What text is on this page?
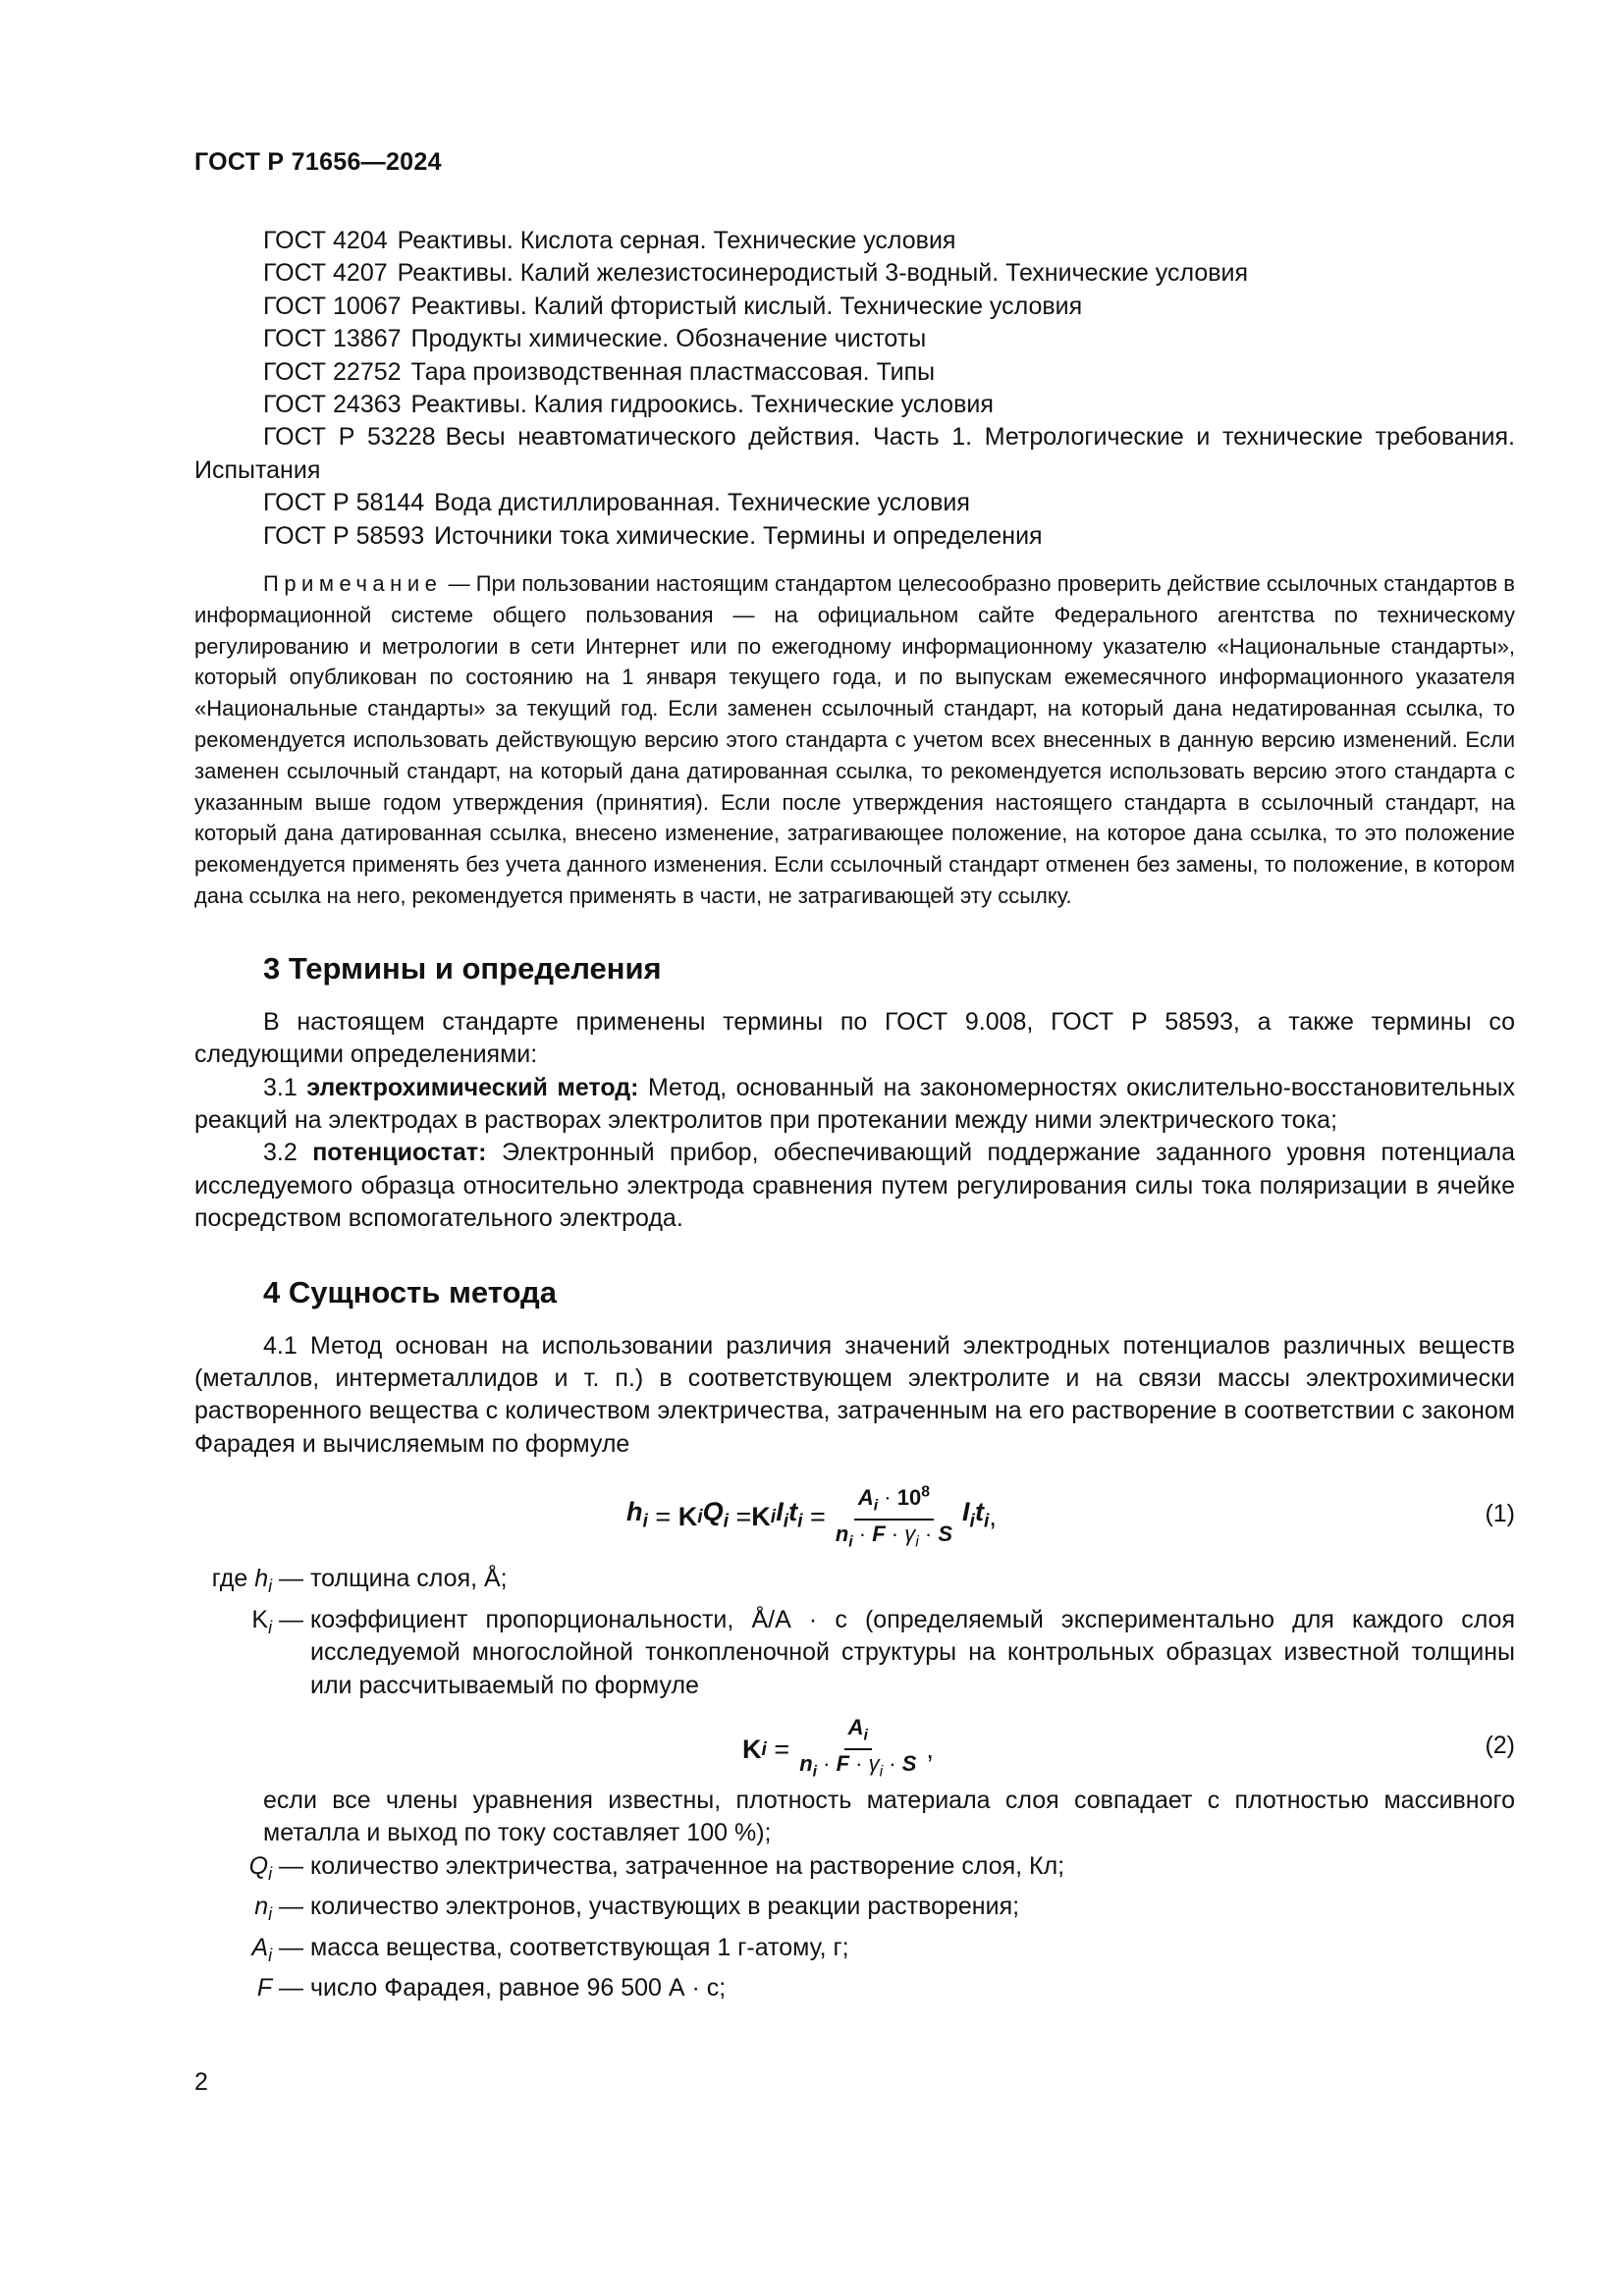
ГОСТ Р 71656—2024

ГОСТ 4204 Реактивы. Кислота серная. Технические условия

ГОСТ 4207 Реактивы. Калий железистосинеродистый 3-водный. Технические условия

ГОСТ 10067 Реактивы. Калий фтористый кислый. Технические условия

ГОСТ 13867 Продукты химические. Обозначение чистоты

ГОСТ 22752 Тара производственная пластмассовая. Типы

ГОСТ 24363 Реактивы. Калия гидроокись. Технические условия

ГОСТ Р 53228 Весы неавтоматического действия. Часть 1. Метрологические и технические требования. Испытания

ГОСТ Р 58144 Вода дистиллированная. Технические условия

ГОСТ Р 58593 Источники тока химические. Термины и определения

Примечание — При пользовании настоящим стандартом целесообразно проверить действие ссылочных стандартов в информационной системе общего пользования — на официальном сайте Федерального агентства по техническому регулированию и метрологии в сети Интернет или по ежегодному информационному указателю «Национальные стандарты», который опубликован по состоянию на 1 января текущего года, и по выпускам ежемесячного информационного указателя «Национальные стандарты» за текущий год. Если заменен ссылочный стандарт, на который дана недатированная ссылка, то рекомендуется использовать действующую версию этого стандарта с учетом всех внесенных в данную версию изменений. Если заменен ссылочный стандарт, на который дана датированная ссылка, то рекомендуется использовать версию этого стандарта с указанным выше годом утверждения (принятия). Если после утверждения настоящего стандарта в ссылочный стандарт, на который дана датированная ссылка, внесено изменение, затрагивающее положение, на которое дана ссылка, то это положение рекомендуется применять без учета данного изменения. Если ссылочный стандарт отменен без замены, то положение, в котором дана ссылка на него, рекомендуется применять в части, не затрагивающей эту ссылку.

3 Термины и определения

В настоящем стандарте применены термины по ГОСТ 9.008, ГОСТ Р 58593, а также термины со следующими определениями:

3.1 электрохимический метод: Метод, основанный на закономерностях окислительно-восстановительных реакций на электродах в растворах электролитов при протекании между ними электрического тока;

3.2 потенциостат: Электронный прибор, обеспечивающий поддержание заданного уровня потенциала исследуемого образца относительно электрода сравнения путем регулирования силы тока поляризации в ячейке посредством вспомогательного электрода.

4 Сущность метода

4.1 Метод основан на использовании различия значений электродных потенциалов различных веществ (металлов, интерметаллидов и т. п.) в соответствующем электролите и на связи массы электрохимически растворенного вещества с количеством электричества, затраченным на его растворение в соответствии с законом Фарадея и вычисляемым по формуле

$h_i = K$ i $Q_i = K$ i $I_it_i = \frac{A_i \cdot 10^8}{n_i \cdot F \cdot \gamma_i \cdot S} I_it_i$ ,	(1)
где $h_i$ — толщина слоя, Å;
$K_i$ — коэффициент пропорциональности, Å/А · с (определяемый экспериментально для каждого слоя исследуемой многослойной тонкопленочной структуры на контрольных образцах известной толщины или рассчитываемый по формуле
K $i = \frac{A_i}{n_i \cdot F \cdot \gamma_i \cdot S}$ ,	(2)

если все члены уравнения известны, плотность материала слоя совпадает с плотностью массивного металла и выход по току составляет 100 %);

$Q_i$ — количество электричества, затраченное на растворение слоя, Кл;
$n_i$ — количество электронов, участвующих в реакции растворения;
$A_i$ — масса вещества, соответствующая 1 г-атому, г;
F — число Фарадея, равное 96 500 А · с;
2
